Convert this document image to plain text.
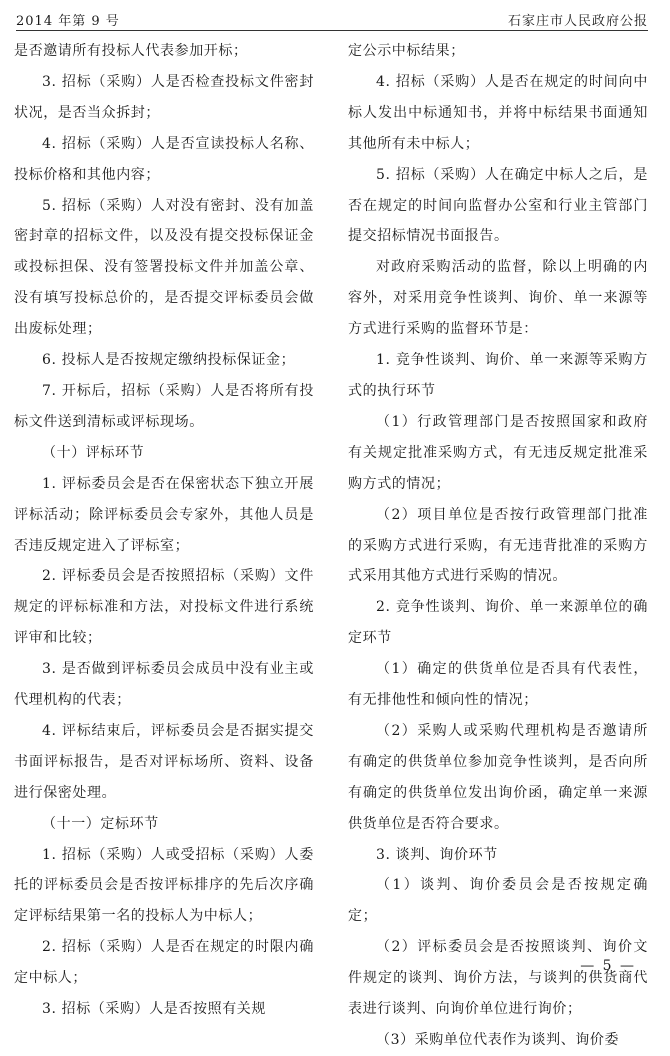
2014 年第 9 号	石家庄市人民政府公报

是否邀请所有投标人代表参加开标；

3. 招标（采购）人是否检查投标文件密封状况，是否当众拆封；

4. 招标（采购）人是否宣读投标人名称、投标价格和其他内容；

5. 招标（采购）人对没有密封、没有加盖密封章的招标文件，以及没有提交投标保证金或投标担保、没有签署投标文件并加盖公章、没有填写投标总价的，是否提交评标委员会做出废标处理；

6. 投标人是否按规定缴纳投标保证金；

7. 开标后，招标（采购）人是否将所有投标文件送到清标或评标现场。

（十）评标环节

1. 评标委员会是否在保密状态下独立开展评标活动；除评标委员会专家外，其他人员是否违反规定进入了评标室；

2. 评标委员会是否按照招标（采购）文件规定的评标标准和方法，对投标文件进行系统评审和比较；

3. 是否做到评标委员会成员中没有业主或代理机构的代表；

4. 评标结束后，评标委员会是否据实提交书面评标报告，是否对评标场所、资料、设备进行保密处理。

（十一）定标环节

1. 招标（采购）人或受招标（采购）人委托的评标委员会是否按评标排序的先后次序确定评标结果第一名的投标人为中标人；

2. 招标（采购）人是否在规定的时限内确定中标人；

3. 招标（采购）人是否按照有关规

定公示中标结果；

4. 招标（采购）人是否在规定的时间向中标人发出中标通知书，并将中标结果书面通知其他所有未中标人；

5. 招标（采购）人在确定中标人之后，是否在规定的时间向监督办公室和行业主管部门提交招标情况书面报告。

对政府采购活动的监督，除以上明确的内容外，对采用竞争性谈判、询价、单一来源等方式进行采购的监督环节是：

1. 竞争性谈判、询价、单一来源等采购方式的执行环节

（1）行政管理部门是否按照国家和政府有关规定批准采购方式，有无违反规定批准采购方式的情况；

（2）项目单位是否按行政管理部门批准的采购方式进行采购，有无违背批准的采购方式采用其他方式进行采购的情况。

2. 竞争性谈判、询价、单一来源单位的确定环节

（1）确定的供货单位是否具有代表性，有无排他性和倾向性的情况；

（2）采购人或采购代理机构是否邀请所有确定的供货单位参加竞争性谈判，是否向所有确定的供货单位发出询价函，确定单一来源供货单位是否符合要求。

3. 谈判、询价环节

（1）谈判、询价委员会是否按规定确定；

（2）评标委员会是否按照谈判、询价文件规定的谈判、询价方法，与谈判的供货商代表进行谈判、向询价单位进行询价；

（3）采购单位代表作为谈判、询价委

— 5 —
